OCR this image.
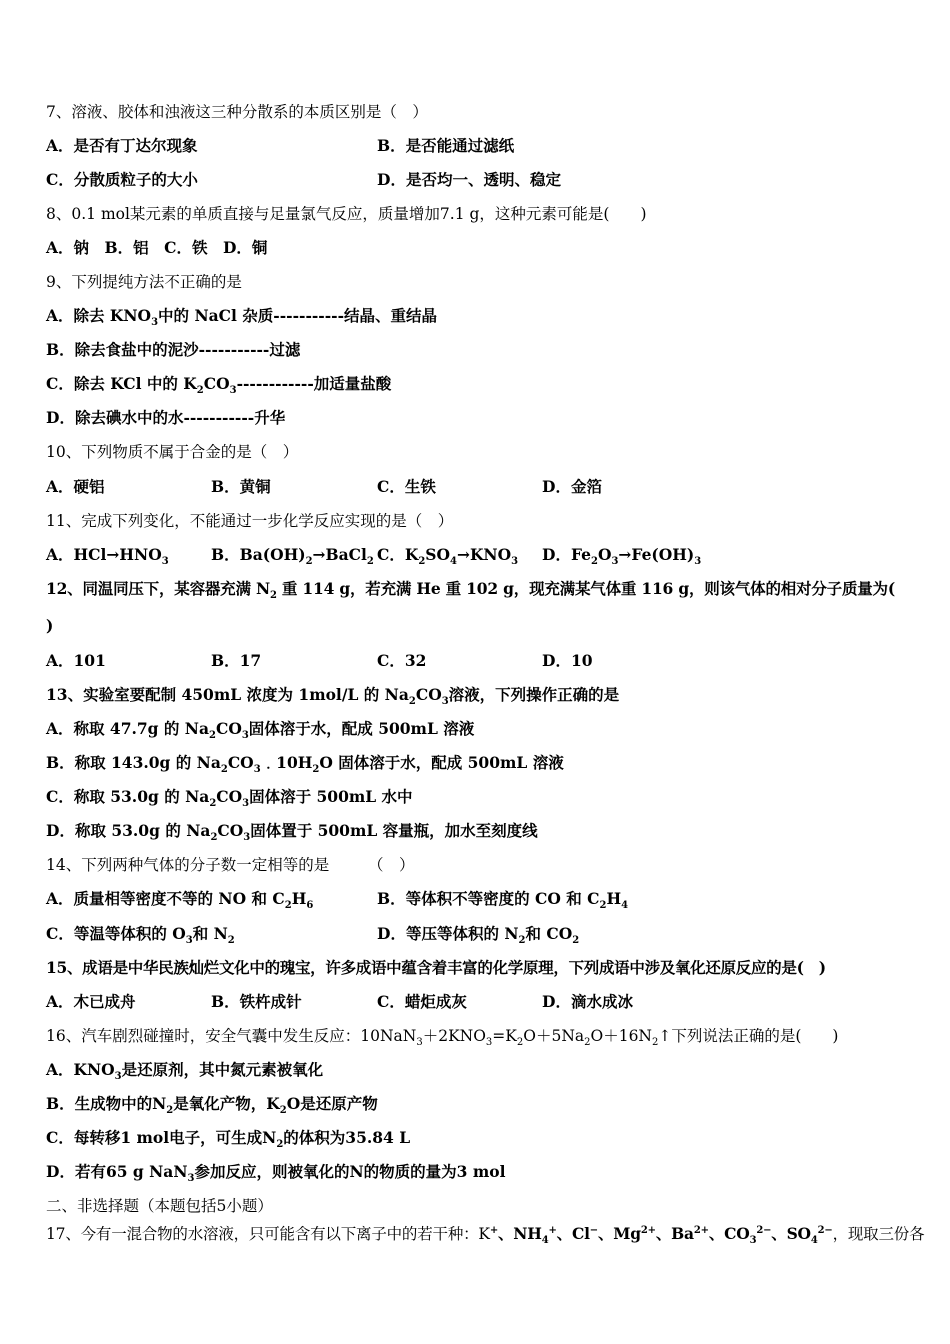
7、溶液、胶体和浊液这三种分散系的本质区别是（　）
A．是否有丁达尔现象	B．是否能通过滤纸
C．分散质粒子的大小	D．是否均一、透明、稳定
8、0.1 mol某元素的单质直接与足量氯气反应，质量增加7.1 g，这种元素可能是(　　)
A．钠　B．铝　C．铁　D．铜
9、下列提纯方法不正确的是
A．除去 $KNO_3$中的 NaCl 杂质-----------结晶、重结晶
B．除去食盐中的泥沙-----------过滤
C．除去 KCl 中的 $K_2CO_3------------$加适量盐酸
D．除去碘水中的水-----------升华
10、下列物质不属于合金的是（　）
A．硬铝	B．黄铜	C．生铁	D．金箔
11、完成下列变化，不能通过一步化学反应实现的是（　）
A．$HCl\to HNO_3$	B．$Ba(OH)_2\to BaCl_2$ C．$K_2SO_4\to KNO_3$ D．$Fe_2O_3\to Fe(OH)_3$
12、同温同压下，某容器充满 $N_2$ 重 114 g，若充满 He 重 102 g，现充满某气体重 116 g，则该气体的相对分子质量为(
)
A．101	B．17	C．32	D．10
13、实验室要配制 450mL 浓度为 1mol/L 的 $Na_2CO_3$溶液，下列操作正确的是
A．称取 47.7g 的 $Na_2CO_3$固体溶于水，配成 500mL 溶液
B．称取 143.0g 的 $Na_2CO_3﹒10H_2O$ 固体溶于水，配成 500mL 溶液
C．称取 53.0g 的 $Na_2CO_3$固体溶于 500mL 水中
D．称取 53.0g 的 $Na_2CO_3$固体置于 500mL 容量瓶，加水至刻度线
14、下列两种气体的分子数一定相等的是　　　（　）
A．质量相等密度不等的 NO 和 $C_2H_6$	B．等体积不等密度的 CO 和 $C_2H_4$
C．等温等体积的 $O_3$和 $N_2$	D．等压等体积的 $N_2$和 $CO_2$
15、成语是中华民族灿烂文化中的瑰宝，许多成语中蕴含着丰富的化学原理，下列成语中涉及氧化还原反应的是(　)
A．木已成舟	B．铁杵成针	C．蜡炬成灰	D．滴水成冰
16、汽车剧烈碰撞时，安全气囊中发生反应：$10NaN_3+2KNO_3=K_2O+5Na_2O+16N_2↑$下列说法正确的是(　　)
A．$KNO_3$是还原剂，其中氮元素被氧化
B．生成物中的$N_2$是氧化产物，$K_2O$是还原产物
C．每转移1 mol电子，可生成$N_2$的体积为35.84 L
D．若有65 g NaN$_3$参加反应，则被氧化的N的物质的量为3 mol
二、非选择题（本题包括5小题）
17、今有一混合物的水溶液，只可能含有以下离子中的若干种：K+、$NH_4^+$、Cl−、$Mg^{2+}$、$Ba^{2+}$、$CO_3^{2-}$、$SO_4^{2-}$，现取三份各
